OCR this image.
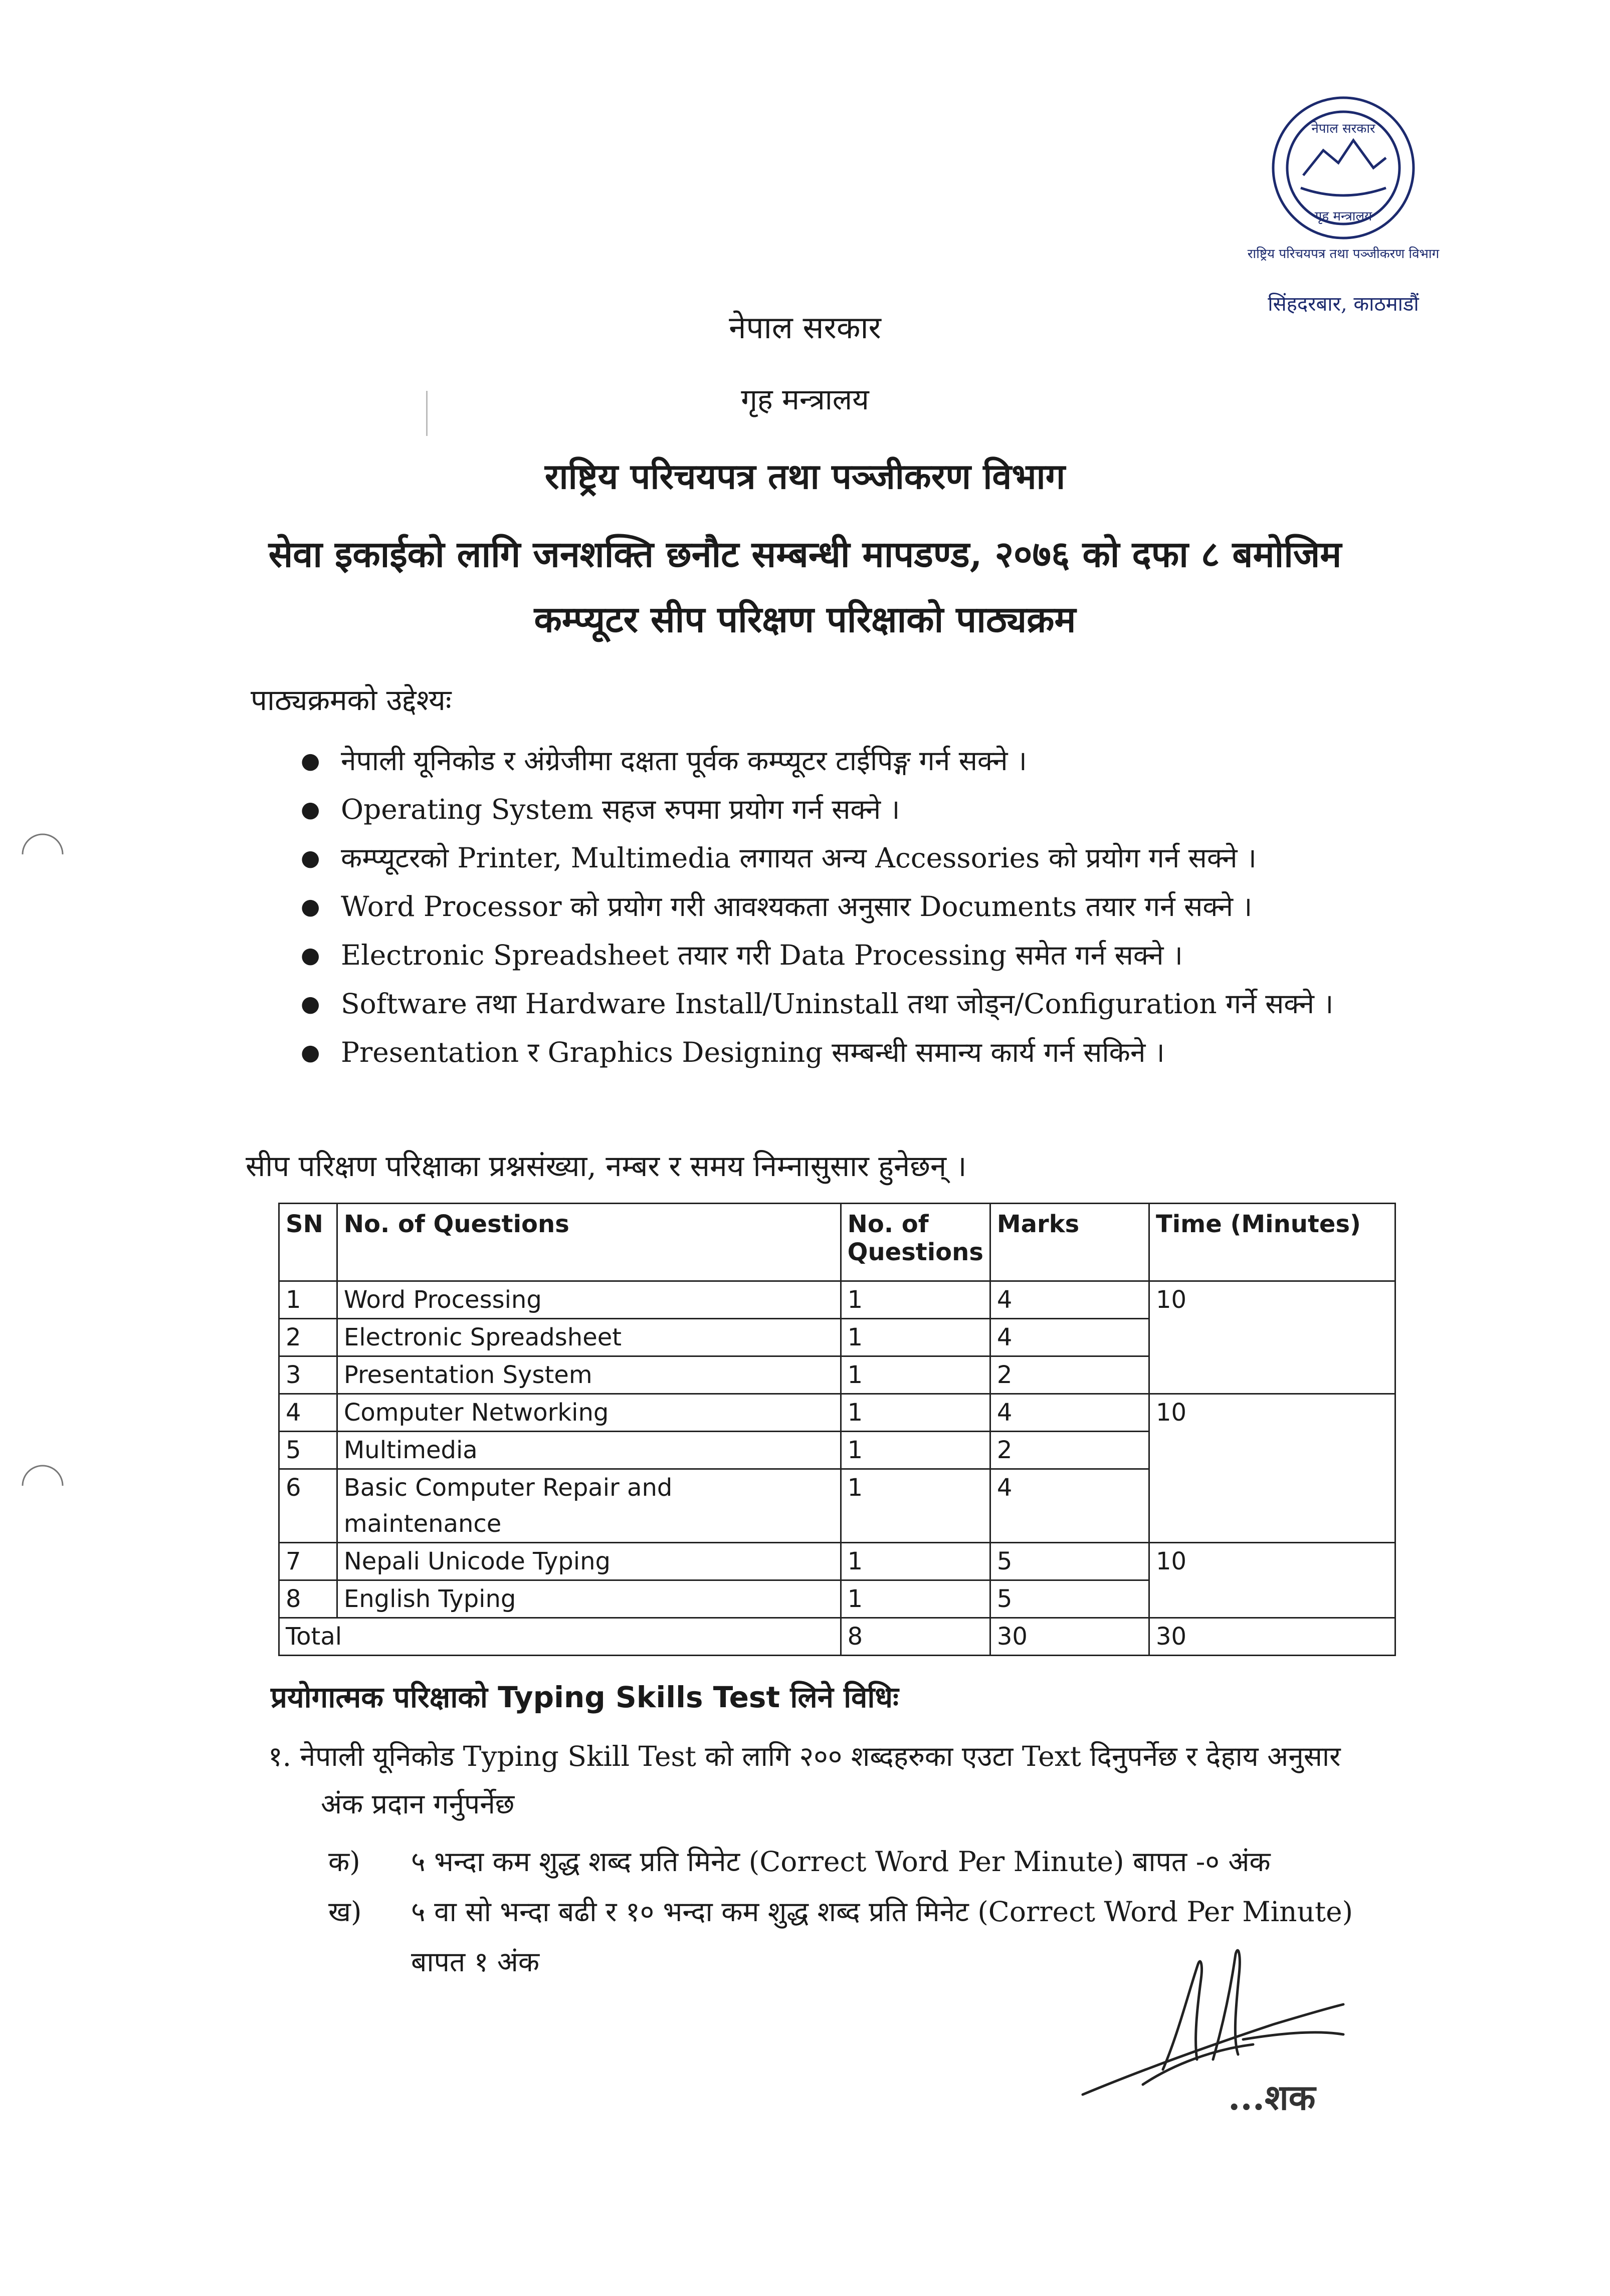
नेपाल सरकार
गृह मन्त्रालय
राष्ट्रिय परिचयपत्र तथा पञ्जीकरण विभाग
सिंहदरबार, काठमाडौं
नेपाल सरकार
गृह मन्त्रालय
राष्ट्रिय परिचयपत्र तथा पञ्जीकरण विभाग
सेवा इकाईको लागि जनशक्ति छनौट सम्बन्धी मापडण्ड, २०७६ को दफा ८ बमोजिम
कम्प्यूटर सीप परिक्षण परिक्षाको पाठ्यक्रम
पाठ्यक्रमको उद्देश्यः
● नेपाली यूनिकोड र अंग्रेजीमा दक्षता पूर्वक कम्प्यूटर टाईपिङ्ग गर्न सक्ने ।
● Operating System सहज रुपमा प्रयोग गर्न सक्ने ।
● कम्प्यूटरको Printer, Multimedia लगायत अन्य Accessories को प्रयोग गर्न सक्ने ।
● Word Processor को प्रयोग गरी आवश्यकता अनुसार Documents तयार गर्न सक्ने ।
● Electronic Spreadsheet तयार गरी Data Processing समेत गर्न सक्ने ।
● Software तथा Hardware Install/Uninstall तथा जोड्न/Configuration गर्ने सक्ने ।
● Presentation र Graphics Designing सम्बन्धी समान्य कार्य गर्न सकिने ।
सीप परिक्षण परिक्षाका प्रश्नसंख्या, नम्बर र समय निम्नासुसार हुनेछन् ।
SN	No. of Questions	No. of Questions	Marks	Time (Minutes)
1	Word Processing	1	4	10
2	Electronic Spreadsheet	1	4	
3	Presentation System	1	2	
4	Computer Networking	1	4	10
5	Multimedia	1	2	
6	Basic Computer Repair and maintenance	1	4	
7	Nepali Unicode Typing	1	5	10
8	English Typing	1	5	
Total		8	30	30
प्रयोगात्मक परिक्षाको Typing Skills Test लिने विधिः
१. नेपाली यूनिकोड Typing Skill Test को लागि २०० शब्दहरुका एउटा Text दिनुपर्नेछ र देहाय अनुसार
अंक प्रदान गर्नुपर्नेछ
क) ५ भन्दा कम शुद्ध शब्द प्रति मिनेट (Correct Word Per Minute) बापत -० अंक
ख) ५ वा सो भन्दा बढी र १० भन्दा कम शुद्ध शब्द प्रति मिनेट (Correct Word Per Minute)
बापत १ अंक
...शक
